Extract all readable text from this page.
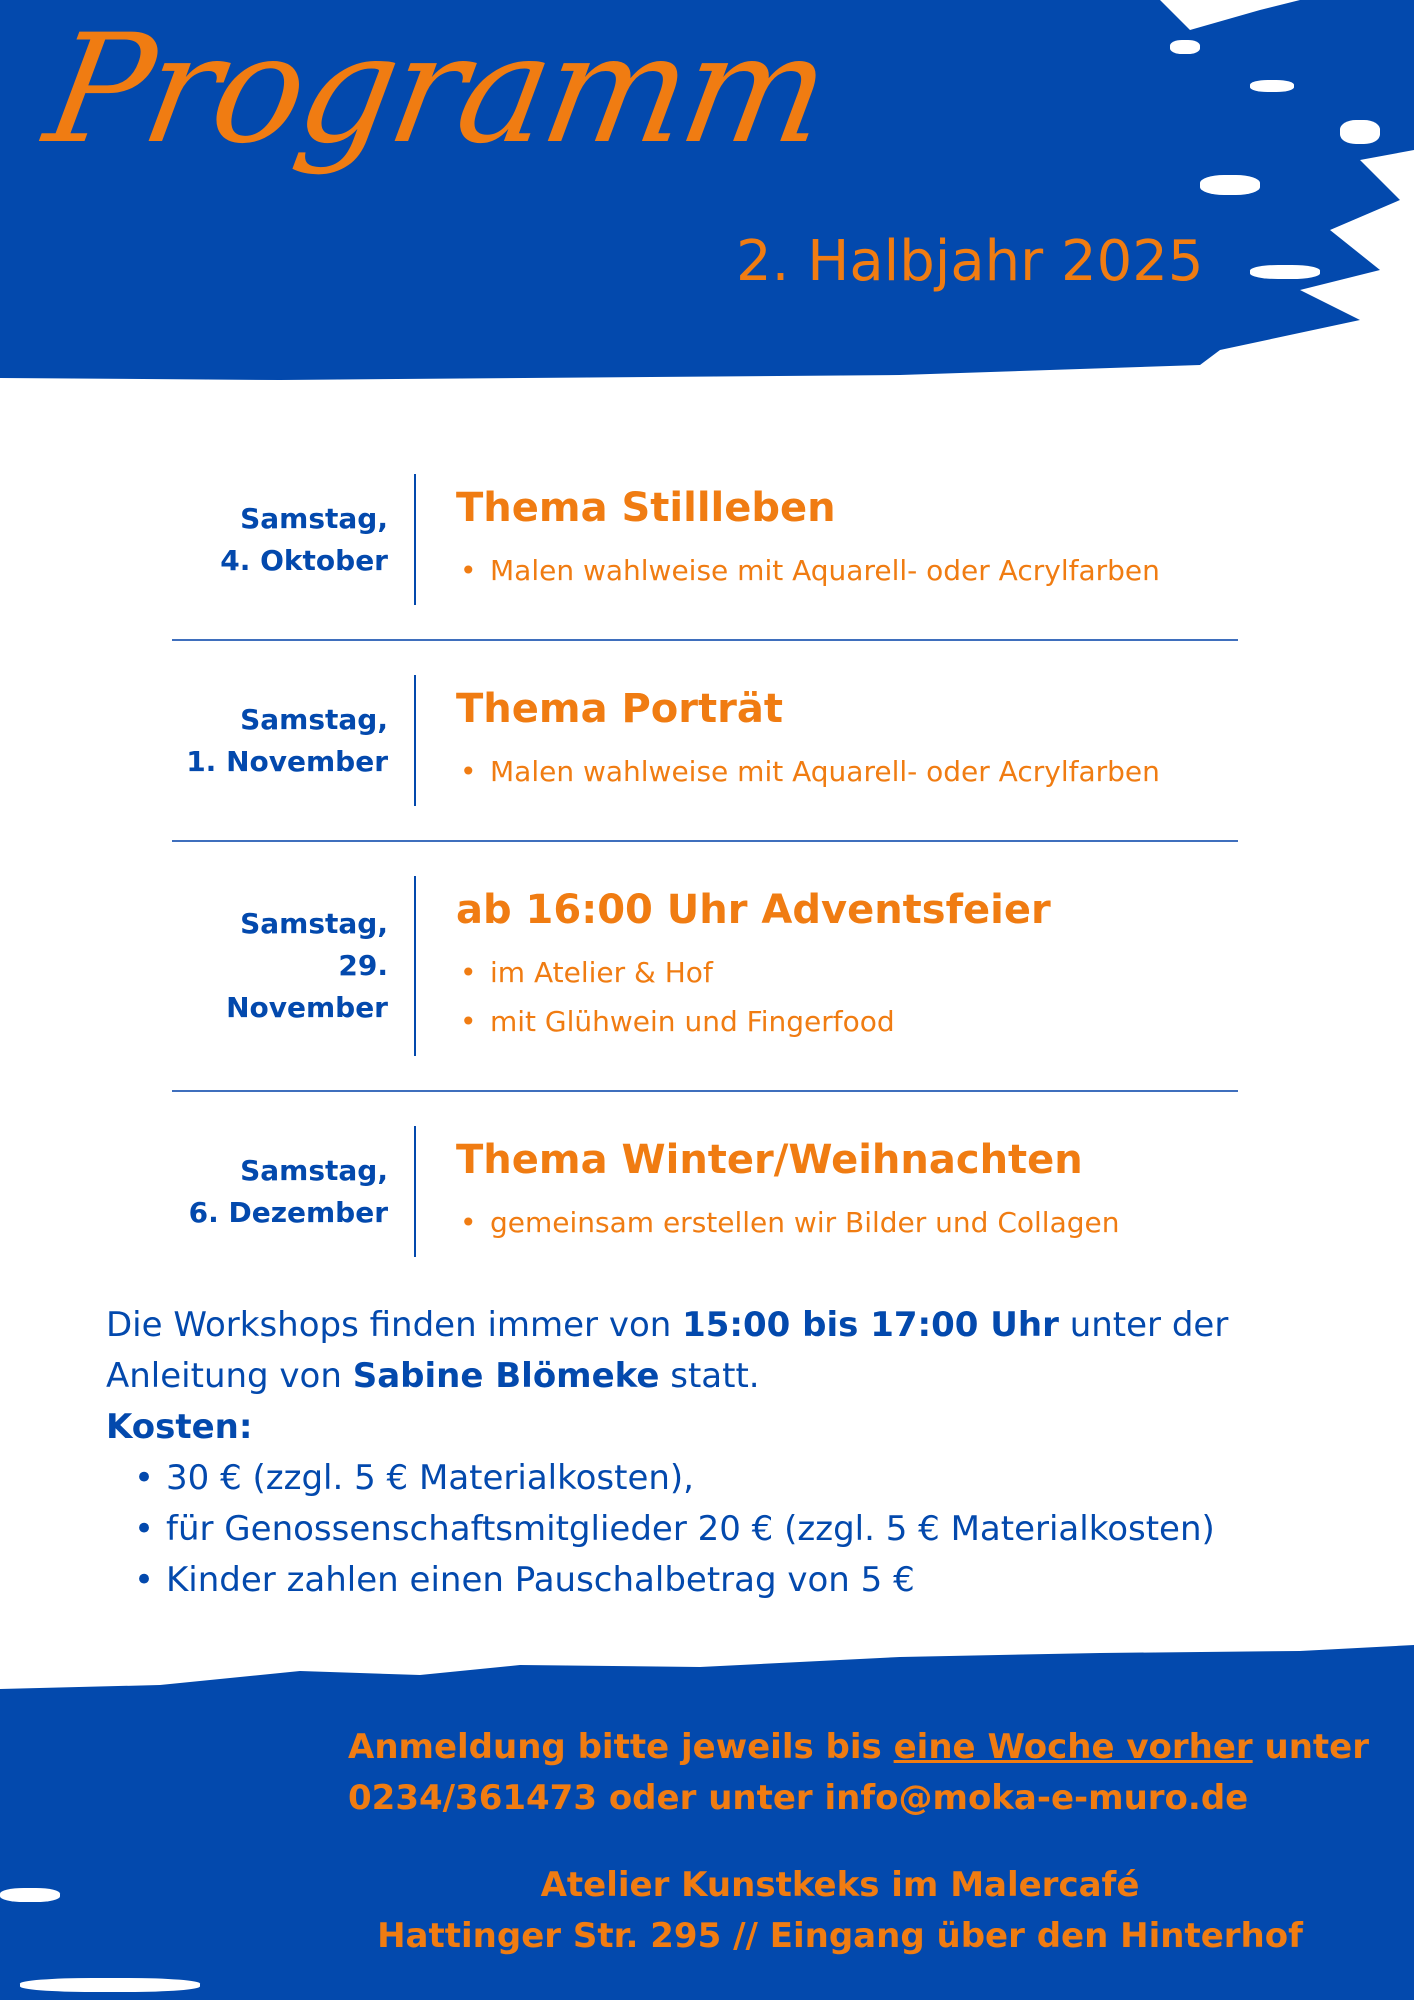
Programm
2. Halbjahr 2025
Samstag,
4. Oktober
Thema Stillleben
• Malen wahlweise mit Aquarell- oder Acrylfarben
Samstag,
1. November
Thema Porträt
• Malen wahlweise mit Aquarell- oder Acrylfarben
Samstag,
29. November
ab 16:00 Uhr Adventsfeier
• im Atelier & Hof
• mit Glühwein und Fingerfood
Samstag,
6. Dezember
Thema Winter/Weihnachten
• gemeinsam erstellen wir Bilder und Collagen

Die Workshops finden immer von 15:00 bis 17:00 Uhr unter der Anleitung von Sabine Blömeke statt.

Kosten:

• 30 € (zzgl. 5 € Materialkosten),
• für Genossenschaftsmitglieder 20 € (zzgl. 5 € Materialkosten)
• Kinder zahlen einen Pauschalbetrag von 5 €
Anmeldung bitte jeweils bis eine Woche vorher unter 0234/361473 oder unter info@moka-e-muro.de
Atelier Kunstkeks im Malercafé
Hattinger Str. 295 // Eingang über den Hinterhof
